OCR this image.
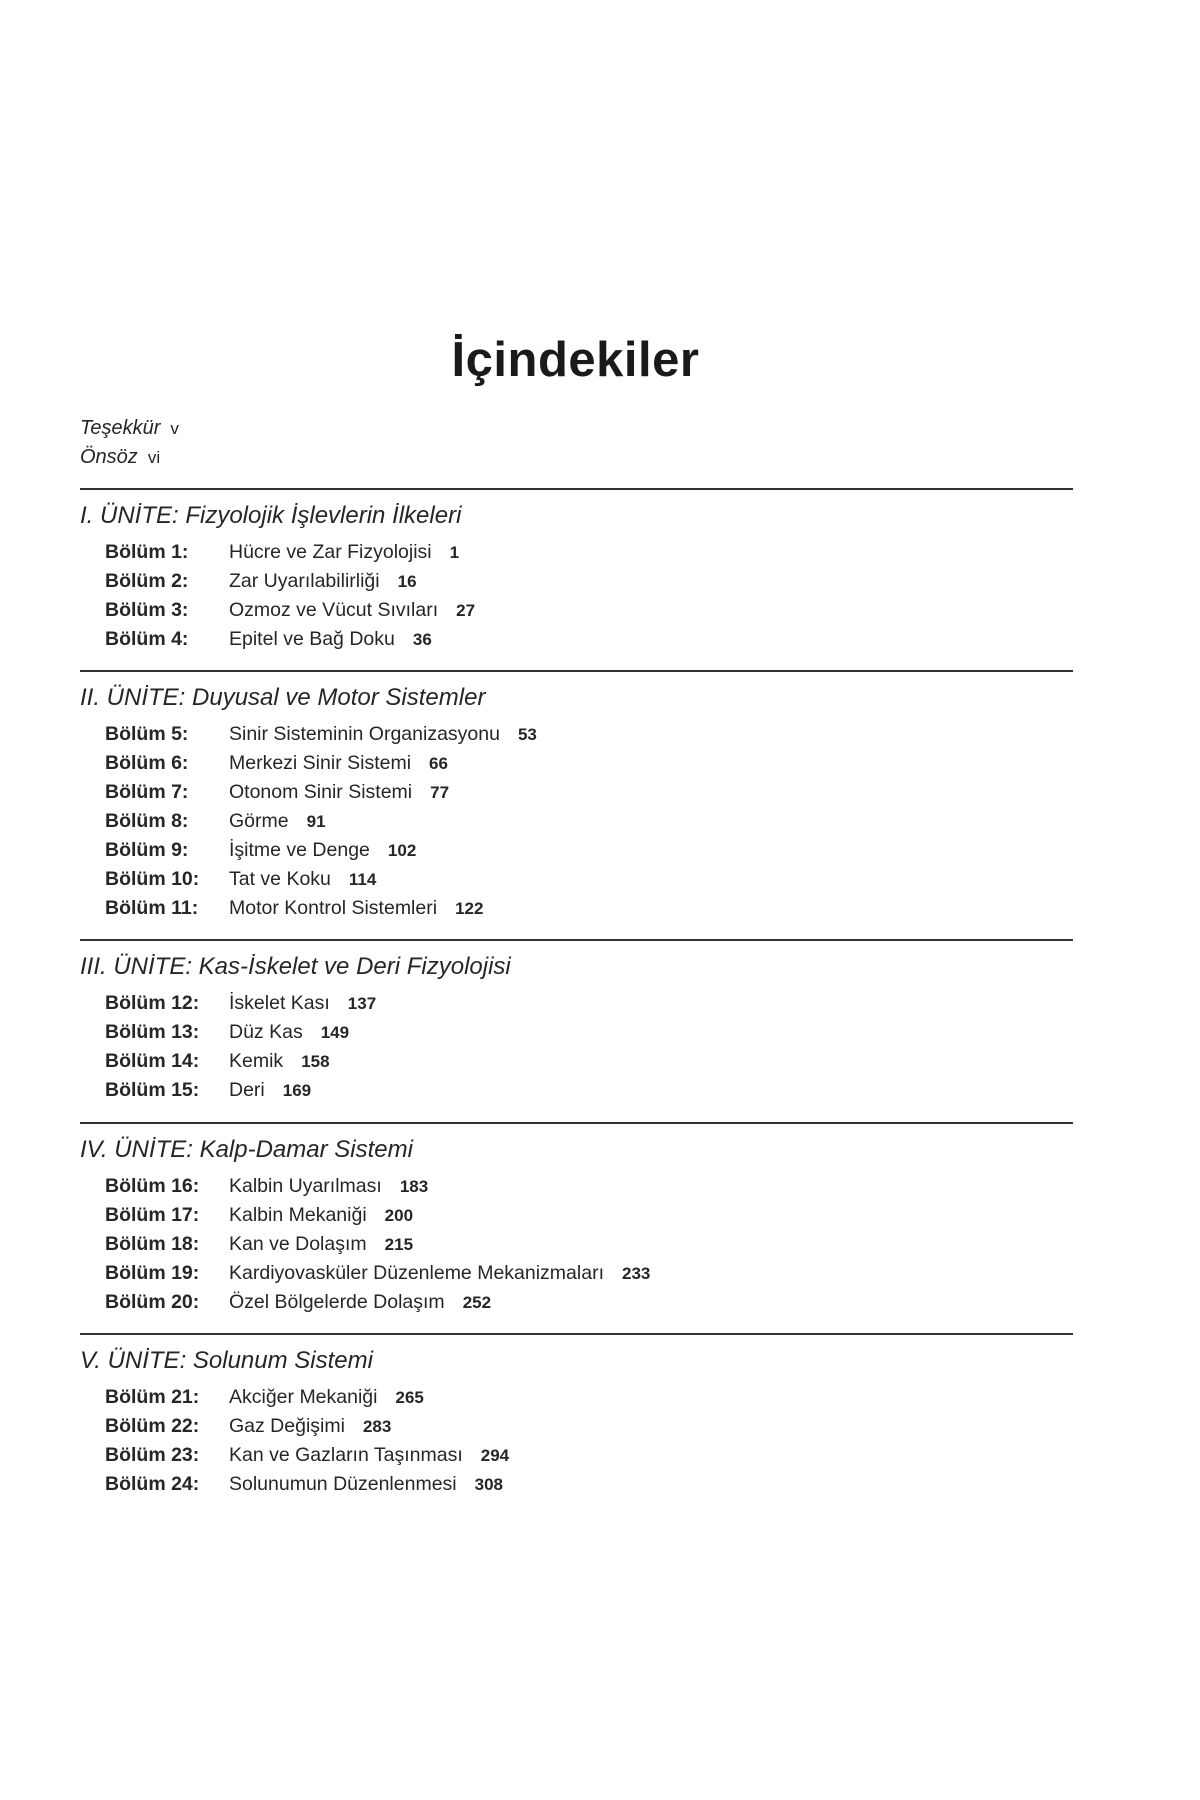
İçindekiler
Teşekkür v
Önsöz vi
I. ÜNİTE: Fizyolojik İşlevlerin İlkeleri
Bölüm 1: Hücre ve Zar Fizyolojisi 1
Bölüm 2: Zar Uyarılabilirliği 16
Bölüm 3: Ozmoz ve Vücut Sıvıları 27
Bölüm 4: Epitel ve Bağ Doku 36
II. ÜNİTE: Duyusal ve Motor Sistemler
Bölüm 5: Sinir Sisteminin Organizasyonu 53
Bölüm 6: Merkezi Sinir Sistemi 66
Bölüm 7: Otonom Sinir Sistemi 77
Bölüm 8: Görme 91
Bölüm 9: İşitme ve Denge 102
Bölüm 10: Tat ve Koku 114
Bölüm 11: Motor Kontrol Sistemleri 122
III. ÜNİTE: Kas-İskelet ve Deri Fizyolojisi
Bölüm 12: İskelet Kası 137
Bölüm 13: Düz Kas 149
Bölüm 14: Kemik 158
Bölüm 15: Deri 169
IV. ÜNİTE: Kalp-Damar Sistemi
Bölüm 16: Kalbin Uyarılması 183
Bölüm 17: Kalbin Mekaniği 200
Bölüm 18: Kan ve Dolaşım 215
Bölüm 19: Kardiyovasküler Düzenleme Mekanizmaları 233
Bölüm 20: Özel Bölgelerde Dolaşım 252
V. ÜNİTE: Solunum Sistemi
Bölüm 21: Akciğer Mekaniği 265
Bölüm 22: Gaz Değişimi 283
Bölüm 23: Kan ve Gazların Taşınması 294
Bölüm 24: Solunumun Düzenlenmesi 308
